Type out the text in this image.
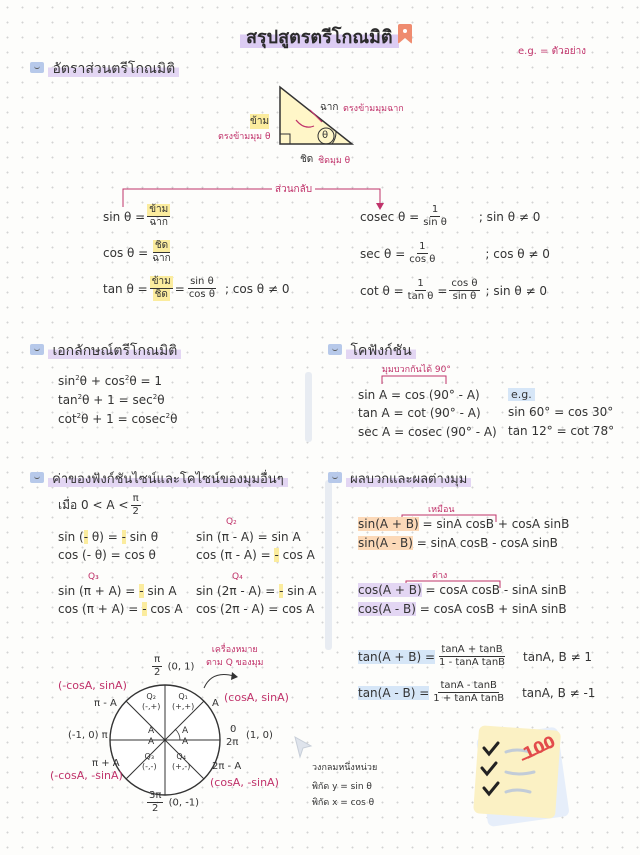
สรุปสูตรตรีโกณมิติ
e.g. = ตัวอย่าง
อัตราส่วนตรีโกณมิติ
θ
ข้าม
ตรงข้ามมุม θ
ฉาก ตรงข้ามมุมฉาก
ชิด ชิดมุม θ
ส่วนกลับ
$\sin \theta = \frac{\text{ข้าม}}{\text{ฉาก}}$
$\cos \theta = \frac{\text{ชิด}}{\text{ฉาก}}$
$\tan \theta = \frac{\text{ข้าม}}{\text{ชิด}} = \frac{\text{sin θ}}{\text{cos θ}}$ ; cos θ ≠ 0
cosec $\theta = \frac{1}{\text{sin θ}}$	; sin θ ≠ 0
$\sec \theta = \frac{1}{\text{cos θ}}$	; cos θ ≠ 0
$\cot \theta = \frac{1}{\text{tan θ}} = \frac{\text{cos θ}}{\text{sin θ}}$ ; sin θ ≠ 0
เอกลักษณ์ตรีโกณมิติ
$\sin^2\theta + \cos^2\theta = 1$
$\tan^2\theta + 1 = \sec^2\theta$
$\cot^2\theta + 1 = cosec^2\theta$
โคฟังก์ชัน
มุมบวกกันได้ 90°
sin A = cos (90° - A)
tan A = cot (90° - A)
sec A = cosec (90° - A)
e.g.
sin 60° = cos 30°
tan 12° = cot 78°
ค่าของฟังก์ชันไซน์และโคไซน์ของมุมอื่นๆ
เมื่อ $0 < A < \frac{\pi}{2}$
sin (- θ) = - sin θ
cos (- θ) = cos θ
Q₂
sin (π - A) = sin A
cos (π - A) = - cos A
Q₃
sin (π + A) = - sin A
cos (π + A) = - cos A
Q₄
sin (2π - A) = - sin A
cos (2π - A) = cos A
Q₁
(+,+)
Q₂
(-,+)
Q₃
(-,-)
Q₄
(+,-)
A
A
A	A
$\frac{\pi}{2} (0$, 1)
$\frac{3\pi}{2} (0$, -1)
(-1, 0) π
0
2π
(1, 0)
(-cosA, sinA)
(cosA, sinA)
(-cosA, -sinA)
(cosA, -sinA)
π - A
π + A	2π - A
A
เครื่องหมาย
ตาม Q ของมุม
วงกลมหนึ่งหน่วย
พิกัด y = sin θ
พิกัด x = cos θ
ผลบวกและผลต่างมุม
เหมือน
sin(A + B) = sinA cosB + cosA sinB
sin(A - B) = sinA cosB - cosA sinB
ต่าง
cos(A + B) = cosA cosB - sinA sinB
cos(A - B) = cosA cosB + sinA sinB
$\tan(A + B) = \frac{\tan A + \tan B}{\text{1 - tanA tanB}} \tan A$, B ≠ 1
$\tan(A - B) = \frac{\tan A - \tan B}{\text{1 + tanA tanB}} \tan A$, B ≠ -1
100
